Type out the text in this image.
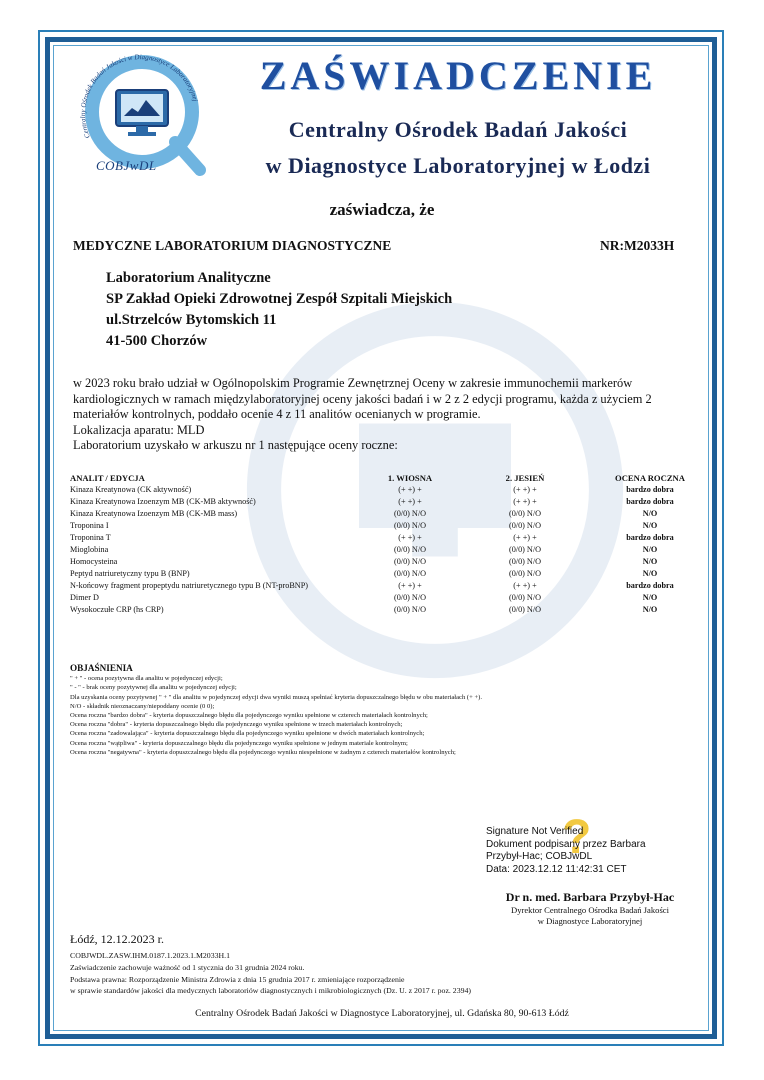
Centralny Ośrodek Badań Jakości w Diagnostyce Laboratoryjnej
COBJwDL
ZAŚWIADCZENIE
Centralny Ośrodek Badań Jakości
w Diagnostyce Laboratoryjnej w Łodzi
zaświadcza, że
MEDYCZNE LABORATORIUM DIAGNOSTYCZNE	NR:M2033H
Laboratorium Analityczne
SP Zakład Opieki Zdrowotnej Zespół Szpitali Miejskich
ul.Strzelców Bytomskich 11
41-500 Chorzów

w 2023 roku brało udział w Ogólnopolskim Programie Zewnętrznej Oceny w zakresie immunochemii markerów kardiologicznych w ramach międzylaboratoryjnej oceny jakości badań i w 2 z 2 edycji programu, każda z użyciem 2 materiałów kontrolnych, poddało ocenie 4 z 11 analitów ocenianych w programie.

Lokalizacja aparatu: MLD

Laboratorium uzyskało w arkuszu nr 1 następujące oceny roczne:

ANALIT / EDYCJA	1. WIOSNA	2. JESIEŃ	OCENA ROCZNA
Kinaza Kreatynowa (CK aktywność)	(+ +) +	(+ +) +	bardzo dobra
Kinaza Kreatynowa Izoenzym MB (CK-MB aktywność)	(+ +) +	(+ +) +	bardzo dobra
Kinaza Kreatynowa Izoenzym MB (CK-MB mass)	(0/0) N/O	(0/0) N/O	N/O
Troponina I	(0/0) N/O	(0/0) N/O	N/O
Troponina T	(+ +) +	(+ +) +	bardzo dobra
Mioglobina	(0/0) N/O	(0/0) N/O	N/O
Homocysteina	(0/0) N/O	(0/0) N/O	N/O
Peptyd natriuretyczny typu B (BNP)	(0/0) N/O	(0/0) N/O	N/O
N-końcowy fragment propeptydu natriuretycznego typu B (NT-proBNP)	(+ +) +	(+ +) +	bardzo dobra
Dimer D	(0/0) N/O	(0/0) N/O	N/O
Wysokoczułe CRP (hs CRP)	(0/0) N/O	(0/0) N/O	N/O
OBJAŚNIENIA
" + " - ocena pozytywna dla analitu w pojedynczej edycji;
" - " - brak oceny pozytywnej dla analitu w pojedynczej edycji;
Dla uzyskania oceny pozytywnej " + " dla analitu w pojedynczej edycji dwa wyniki muszą spełniać kryteria dopuszczalnego błędu w obu materiałach (+ +).
N/O - składnik nieoznaczany/niepoddany ocenie (0 0);
Ocena roczna "bardzo dobra" - kryteria dopuszczalnego błędu dla pojedynczego wyniku spełnione w czterech materiałach kontrolnych;
Ocena roczna "dobra" - kryteria dopuszczalnego błędu dla pojedynczego wyniku spełnione w trzech materiałach kontrolnych;
Ocena roczna "zadowalająca" - kryteria dopuszczalnego błędu dla pojedynczego wyniku spełnione w dwóch materiałach kontrolnych;
Ocena roczna "wątpliwa" - kryteria dopuszczalnego błędu dla pojedynczego wyniku spełnione w jednym materiale kontrolnym;
Ocena roczna "negatywna" - kryteria dopuszczalnego błędu dla pojedynczego wyniku niespełnione w żadnym z czterech materiałów kontrolnych;
?
Signature Not Verified
Dokument podpisany przez Barbara
Przybył-Hac; COBJwDL
Data: 2023.12.12 11:42:31 CET
Dr n. med. Barbara Przybył-Hac
Dyrektor Centralnego Ośrodka Badań Jakości
w Diagnostyce Laboratoryjnej
Łódź, 12.12.2023 r.
COBJWDL.ZASW.IHM.0187.1.2023.1.M2033H.1
Zaświadczenie zachowuje ważność od 1 stycznia do 31 grudnia 2024 roku.
Podstawa prawna: Rozporządzenie Ministra Zdrowia z dnia 15 grudnia 2017 r. zmieniające rozporządzenie
w sprawie standardów jakości dla medycznych laboratoriów diagnostycznych i mikrobiologicznych (Dz. U. z 2017 r. poz. 2394)
Centralny Ośrodek Badań Jakości w Diagnostyce Laboratoryjnej, ul. Gdańska 80, 90-613 Łódź
